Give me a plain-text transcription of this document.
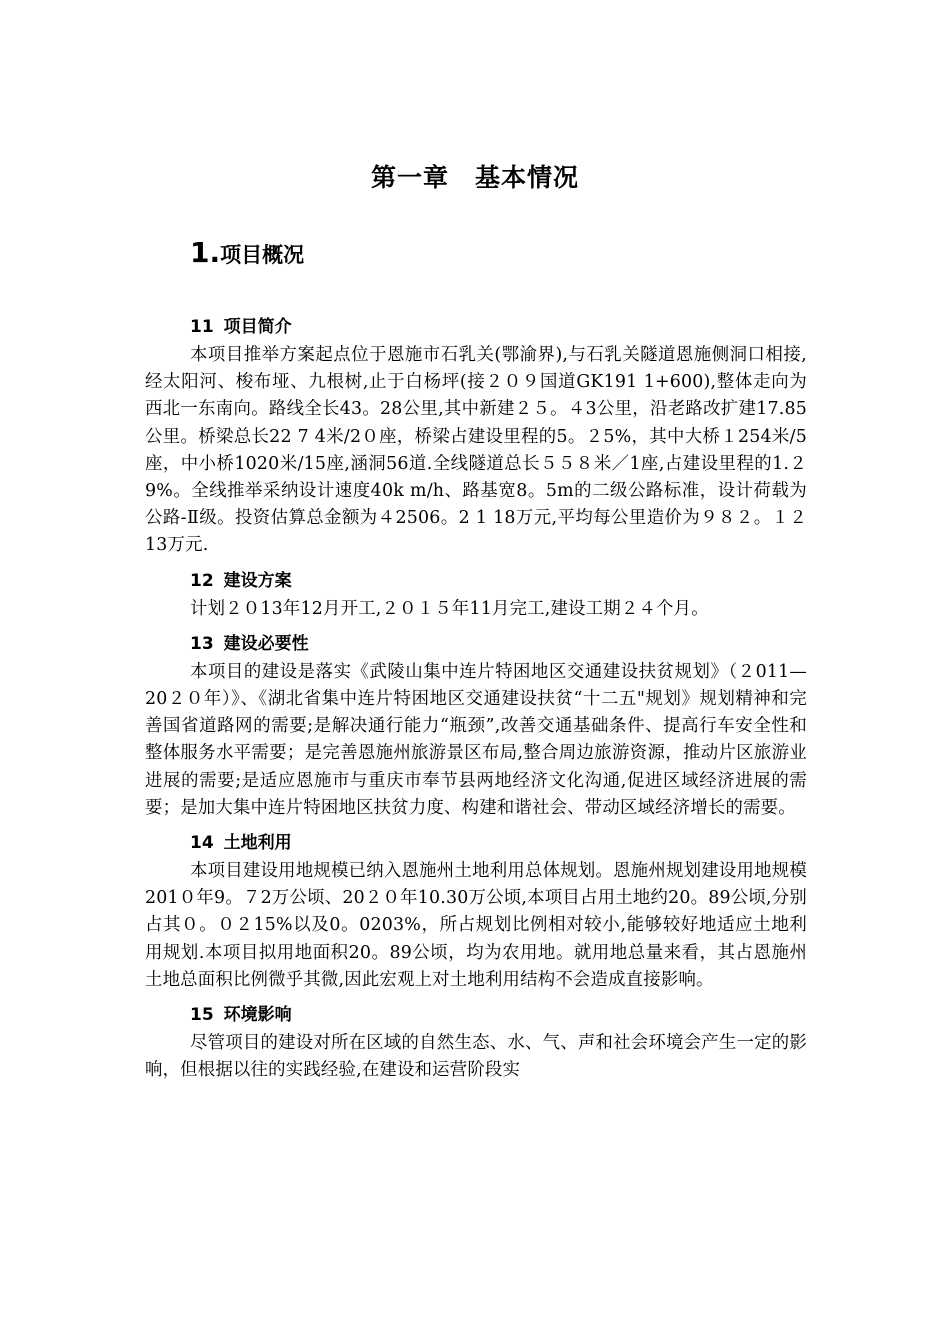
第一章　基本情况
1.项目概况
11 项目简介

本项目推举方案起点位于恩施市石乳关(鄂渝界),与石乳关隧道恩施侧洞口相接,经太阳河、梭布垭、九根树,止于白杨坪(接２０９国道GK191 1+600),整体走向为西北一东南向。路线全长43。28公里,其中新建２５。４3公里，沿老路改扩建17.85公里。桥梁总长22 7 4米/2０座，桥梁占建设里程的5。２5%，其中大桥１254米/5座，中小桥1020米/15座,涵洞56道.全线隧道总长５５８米／1座,占建设里程的1.２9%。全线推举采纳设计速度40k m/h、路基宽8。5m的二级公路标准，设计荷载为公路-Ⅱ级。投资估算总金额为４2506。2 1 18万元,平均每公里造价为９８２。１２13万元.

12 建设方案

计划２０13年12月开工,２０１５年11月完工,建设工期２４个月。

13 建设必要性

本项目的建设是落实《武陵山集中连片特困地区交通建设扶贫规划》（２011—20２０年）》、《湖北省集中连片特困地区交通建设扶贫“十二五"规划》规划精神和完善国省道路网的需要;是解决通行能力“瓶颈”,改善交通基础条件、提高行车安全性和整体服务水平需要；是完善恩施州旅游景区布局,整合周边旅游资源，推动片区旅游业进展的需要;是适应恩施市与重庆市奉节县两地经济文化沟通,促进区域经济进展的需要；是加大集中连片特困地区扶贫力度、构建和谐社会、带动区域经济增长的需要。

14 土地利用

本项目建设用地规模已纳入恩施州土地利用总体规划。恩施州规划建设用地规模201０年9。７2万公顷、20２０年10.30万公顷,本项目占用土地约20。89公顷,分别占其０。０２15%以及0。0203%，所占规划比例相对较小,能够较好地适应土地利用规划.本项目拟用地面积20。89公顷，均为农用地。就用地总量来看，其占恩施州土地总面积比例微乎其微,因此宏观上对土地利用结构不会造成直接影响。

15 环境影响

尽管项目的建设对所在区域的自然生态、水、气、声和社会环境会产生一定的影响，但根据以往的实践经验,在建设和运营阶段实
